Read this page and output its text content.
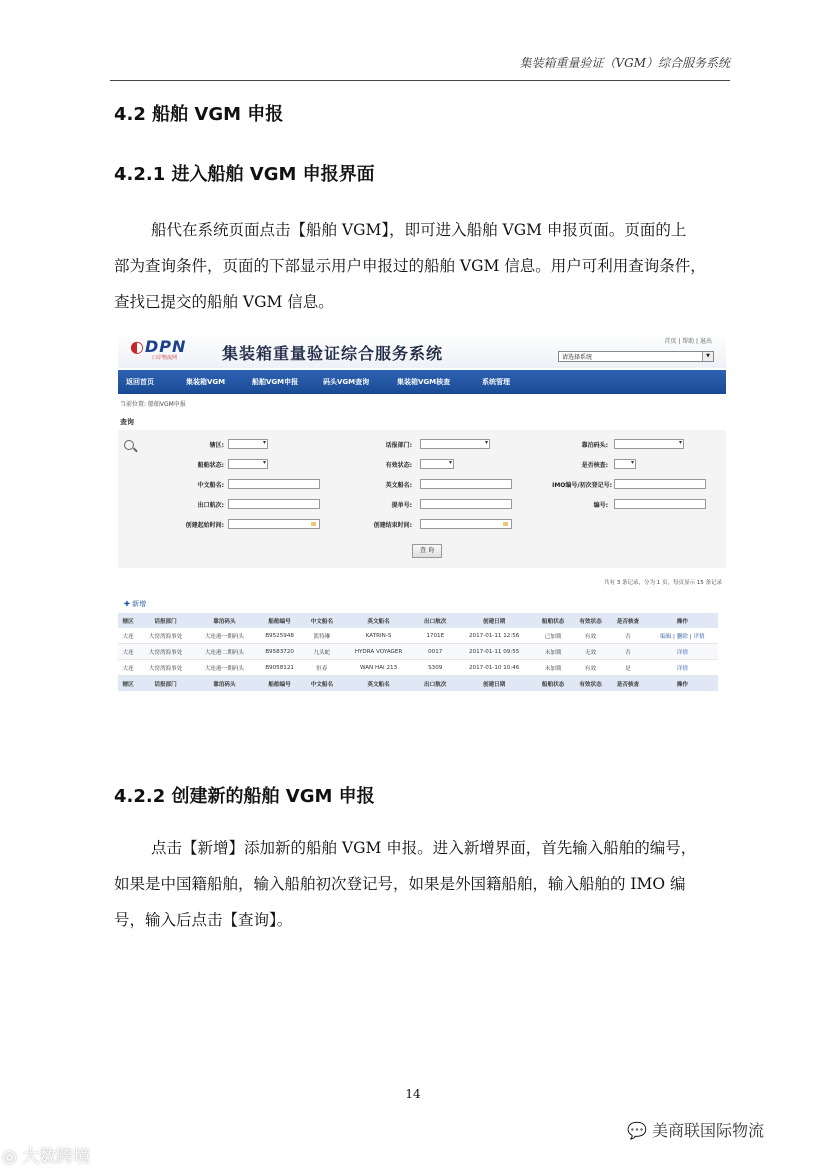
集装箱重量验证（VGM）综合服务系统
4.2 船舶 VGM 申报
4.2.1 进入船舶 VGM 申报界面
船代在系统页面点击【船舶 VGM】，即可进入船舶 VGM 申报页面。页面的上
部为查询条件，页面的下部显示用户申报过的船舶 VGM 信息。用户可利用查询条件，
查找已提交的船舶 VGM 信息。
◐DPN
口岸物流网	集装箱重量验证综合服务系统
首页 | 帮助 | 退出
请选择系统	▼
返回首页	集装箱VGM	船舶VGM申报	码头VGM查询	集装箱VGM核查	系统管理
当前位置: 船舶VGM申报
查询
辖区: ▾	话报部门: ▾	靠泊码头:
▾
船舶状态: ▾	有效状态: ▾	是否核查:
▾
中文船名:	英文船名:	IMO编号/初次登记号:
出口航次:	提单号:	编号:
创建起始时间:	创建结束时间:
查 询
共有 3 条记录，分为 1 页，每页显示 15 条记录
✚ 新增
辖区	话报部门	靠泊码头	船舶编号	中文船名	英文船名	出口航次	创建日期	船舶状态	有效状态	是否核查	操作
大连	大窑湾海事处	大连港一期码头	B9525948	凯特琳	KATRIN-S	1701E	2017-01-11 12:56	已加锁	有效	否	编辑 | 删除 | 详情
大连	大窑湾海事处	大连港二期码头	B9583720	九头蛇	HYDRA VOYAGER	0017	2017-01-11 09:55	未加锁	无效	否	详情
大连	大窑湾海事处	大连港一期码头	B9058121	恒春	WAN HAI 213	S309	2017-01-10 10:46	未加锁	有效	是	详情
辖区	话报部门	靠泊码头	船舶编号	中文船名	英文船名	出口航次	创建日期	船舶状态	有效状态	是否核查	操作
4.2.2 创建新的船舶 VGM 申报
点击【新增】添加新的船舶 VGM 申报。进入新增界面，首先输入船舶的编号，
如果是中国籍船舶，输入船舶初次登记号，如果是外国籍船舶，输入船舶的 IMO 编
号，输入后点击【查询】。
14
◎ 大数跨境
💬 美商联国际物流
